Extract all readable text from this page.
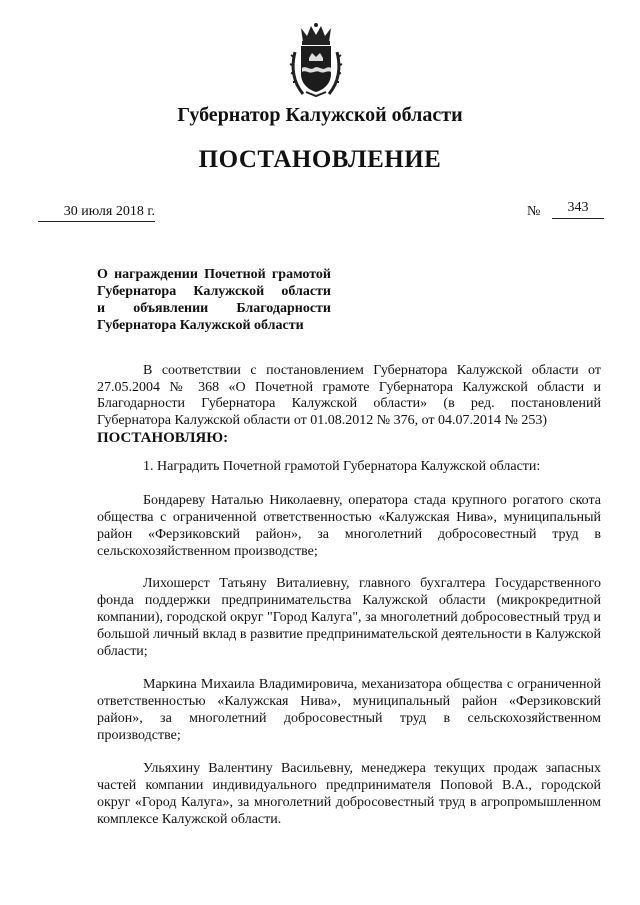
Губернатор Калужской области
ПОСТАНОВЛЕНИЕ
30 июля 2018 г.	№	343
О награждении Почетной грамотой
Губернатора Калужской области
и объявлении Благодарности
Губернатора Калужской области

В соответствии с постановлением Губернатора Калужской области от 27.05.2004 № 368 «О Почетной грамоте Губернатора Калужской области и Благодарности Губернатора Калужской области» (в ред. постановлений Губернатора Калужской области от 01.08.2012 № 376, от 04.07.2014 № 253)

ПОСТАНОВЛЯЮ:

1. Наградить Почетной грамотой Губернатора Калужской области:

Бондареву Наталью Николаевну, оператора стада крупного рогатого скота общества с ограниченной ответственностью «Калужская Нива», муниципальный район «Ферзиковский район», за многолетний добросовестный труд в сельскохозяйственном производстве;

Лихошерст Татьяну Виталиевну, главного бухгалтера Государственного фонда поддержки предпринимательства Калужской области (микрокредитной компании), городской округ "Город Калуга", за многолетний добросовестный труд и большой личный вклад в развитие предпринимательской деятельности в Калужской области;

Маркина Михаила Владимировича, механизатора общества с ограниченной ответственностью «Калужская Нива», муниципальный район «Ферзиковский район», за многолетний добросовестный труд в сельскохозяйственном производстве;

Ульяхину Валентину Васильевну, менеджера текущих продаж запасных частей компании индивидуального предпринимателя Поповой В.А., городской округ «Город Калуга», за многолетний добросовестный труд в агропромышленном комплексе Калужской области.
